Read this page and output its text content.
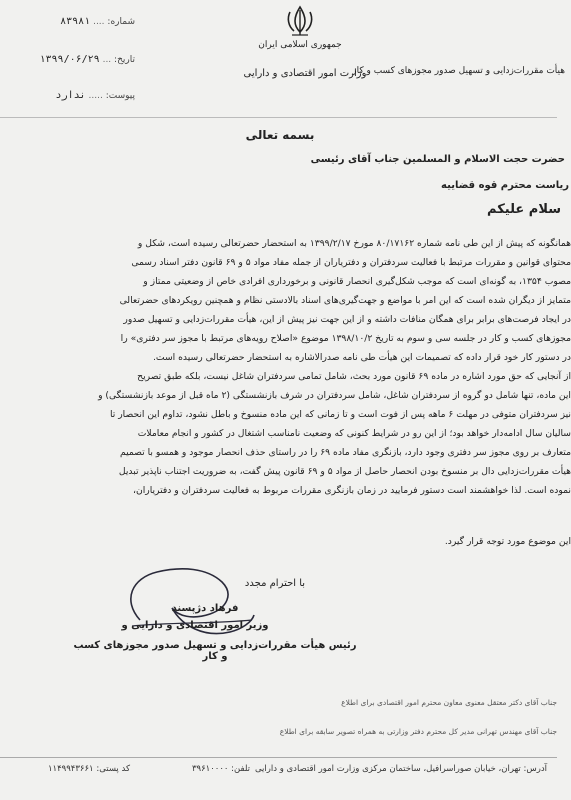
جمهوری اسلامی ایران
وزارت امور اقتصادی و دارایی
هیأت مقررات‌زدایی و تسهیل صدور مجوزهای کسب و کار
شماره: .... ۸۳۹۸۱
تاریخ: ... ۱۳۹۹/۰۶/۲۹
پیوست: ..... ندارد
بسمه تعالی
حضرت حجت الاسلام و المسلمین جناب آقای رئیسی
ریاست محترم قوه قضاییه
سلام علیکم
همانگونه که پیش از این طی نامه شماره ۸۰/۱۷۱۶۲ مورخ ۱۳۹۹/۲/۱۷ به استحضار حضرتعالی رسیده است، شکل و
محتوای قوانین و مقررات مرتبط با فعالیت سردفتران و دفتریاران از جمله مفاد مواد ۵ و ۶۹ قانون دفتر اسناد رسمی
مصوب ۱۳۵۴، به گونه‌ای است که موجب شکل‌گیری انحصار قانونی و برخورداری افرادی خاص از وضعیتی ممتاز و
متمایز از دیگران شده است که این امر با مواضع و جهت‌گیری‌های اسناد بالادستی نظام و همچنین رویکردهای حضرتعالی
در ایجاد فرصت‌های برابر برای همگان منافات داشته و از این جهت نیز پیش از این، هیأت مقررات‌زدایی و تسهیل صدور
مجوزهای کسب و کار در جلسه سی و سوم به تاریخ ۱۳۹۸/۱۰/۲ موضوع «اصلاح رویه‌های مرتبط با مجوز سر دفتری» را
در دستور کار خود قرار داده که تصمیمات این هیأت طی نامه صدرالاشاره به استحضار حضرتعالی رسیده است.
از آنجایی که حق مورد اشاره در ماده ۶۹ قانون مورد بحث، شامل تمامی سردفتران شاغل نیست، بلکه طبق تصریح
این ماده، تنها شامل دو گروه از سردفتران شاغل، شامل سردفتران در شرف بازنشستگی (۲ ماه قبل از موعد بازنشستگی) و
نیز سردفتران متوفی در مهلت ۶ ماهه پس از فوت است و تا زمانی که این ماده منسوخ و باطل نشود، تداوم این انحصار تا
سالیان سال ادامه‌دار خواهد بود؛ از این رو در شرایط کنونی که وضعیت نامناسب اشتغال در کشور و انجام معاملات
متعارف بر روی مجوز سر دفتری وجود دارد، بازنگری مفاد ماده ۶۹ را در راستای حذف انحصار موجود و همسو با تصمیم
هیأت مقررات‌زدایی دال بر منسوخ بودن انحصار حاصل از مواد ۵ و ۶۹ قانون پیش گفت، به ضروریت اجتناب ناپذیر تبدیل
نموده است. لذا خواهشمند است دستور فرمایید در زمان بازنگری مقررات مربوط به فعالیت سردفتران و دفتریاران،
این موضوع مورد توجه قرار گیرد.
با احترام مجدد
فرهاد دژپسند
وزیر امور اقتصادی و دارایی و
رئیس هیأت مقررات‌زدایی و تسهیل صدور مجوزهای کسب و کار
جناب آقای دکتر معتقل معنوی معاون محترم امور اقتصادی برای اطلاع
جناب آقای مهندس تهرانی مدیر کل محترم دفتر وزارتی به همراه تصویر سابقه برای اطلاع
آدرس: تهران، خیابان صوراسرافیل، ساختمان مرکزی وزارت امور اقتصادی و دارایی
تلفن: ۳۹۶۱۰۰۰۰
کد پستی: ۱۱۴۹۹۴۳۶۶۱
